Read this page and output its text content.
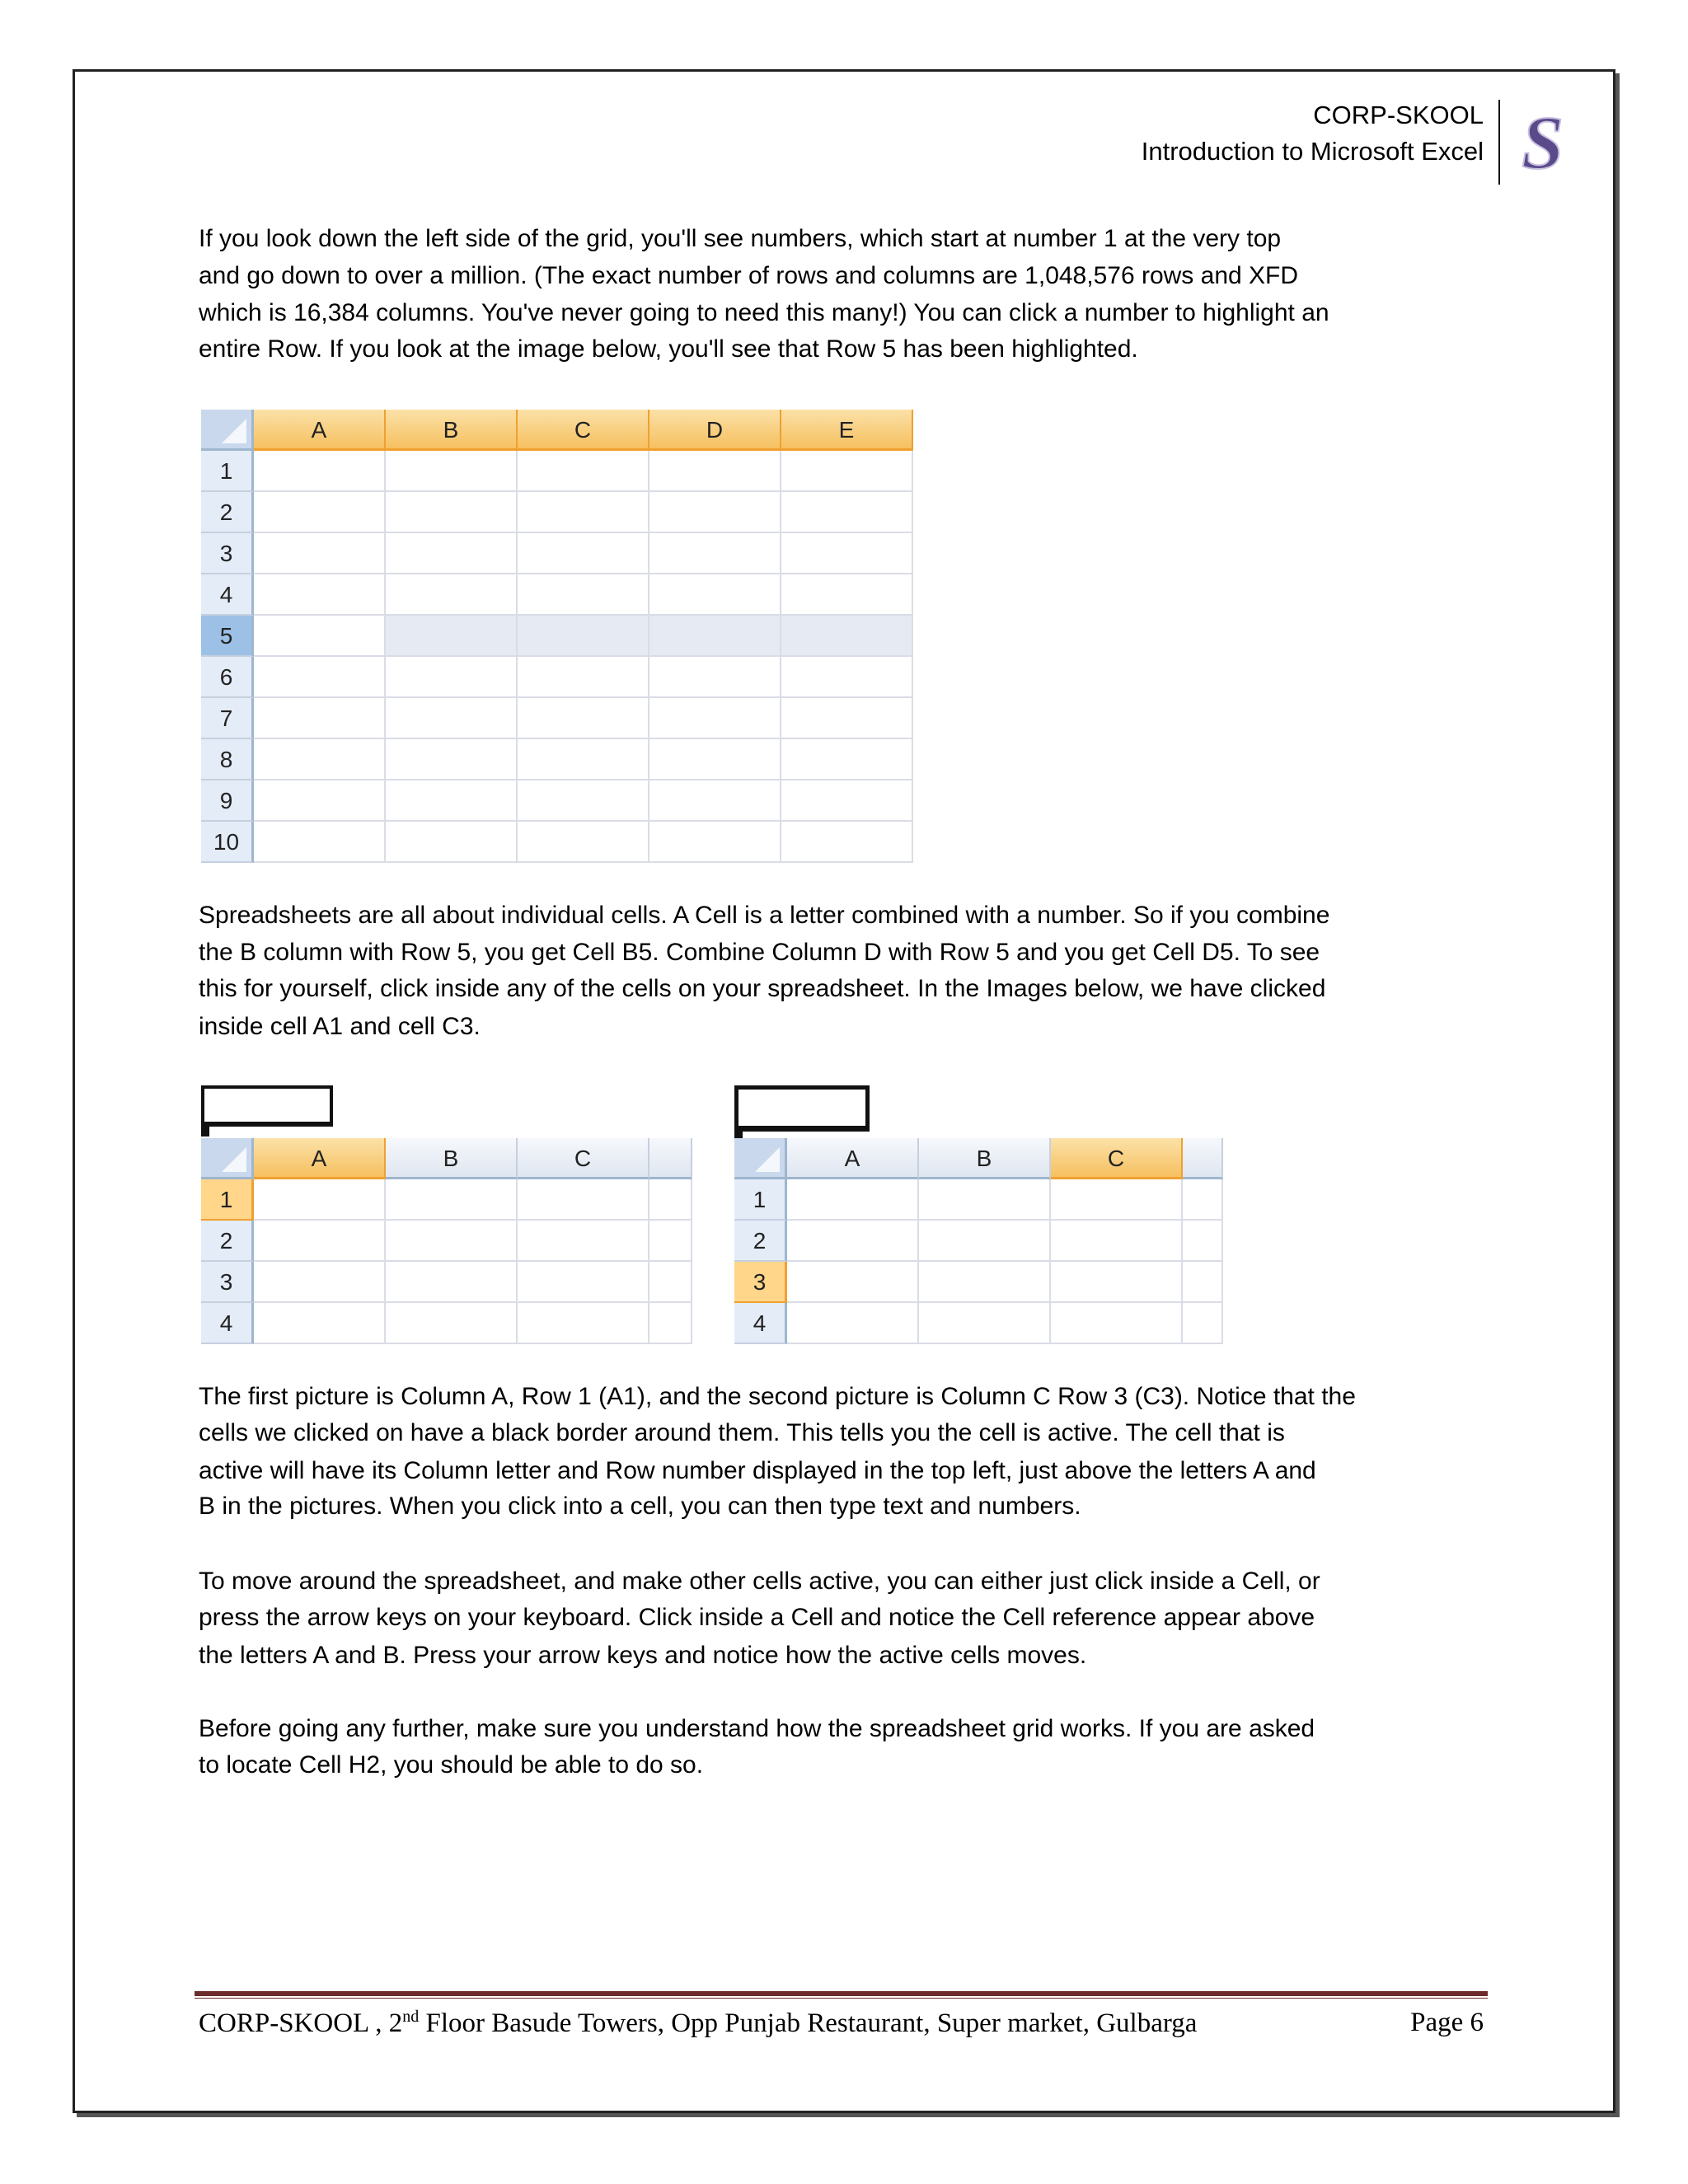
CORP-SKOOL
Introduction to Microsoft Excel S
If you look down the left side of the grid, you'll see numbers, which start at number 1 at the very top
and go down to over a million. (The exact number of rows and columns are 1,048,576 rows and XFD
which is 16,384 columns. You've never going to need this many!) You can click a number to highlight an
entire Row. If you look at the image below, you'll see that Row 5 has been highlighted.
Spreadsheets are all about individual cells. A Cell is a letter combined with a number. So if you combine
the B column with Row 5, you get Cell B5. Combine Column D with Row 5 and you get Cell D5. To see
this for yourself, click inside any of the cells on your spreadsheet. In the Images below, we have clicked
inside cell A1 and cell C3.
The first picture is Column A, Row 1 (A1), and the second picture is Column C Row 3 (C3). Notice that the
cells we clicked on have a black border around them. This tells you the cell is active. The cell that is
active will have its Column letter and Row number displayed in the top left, just above the letters A and
B in the pictures. When you click into a cell, you can then type text and numbers.
To move around the spreadsheet, and make other cells active, you can either just click inside a Cell, or
press the arrow keys on your keyboard. Click inside a Cell and notice the Cell reference appear above
the letters A and B. Press your arrow keys and notice how the active cells moves.
Before going any further, make sure you understand how the spreadsheet grid works. If you are asked
to locate Cell H2, you should be able to do so.
A	B	C	D	E
1
2
3
4
5
6
7
8
9
10
A	B	C
1
2
3
4
A	B	C
1
2
3
4
CORP-SKOOL , 2nd Floor Basude Towers, Opp Punjab Restaurant, Super market, Gulbarga	Page 6
